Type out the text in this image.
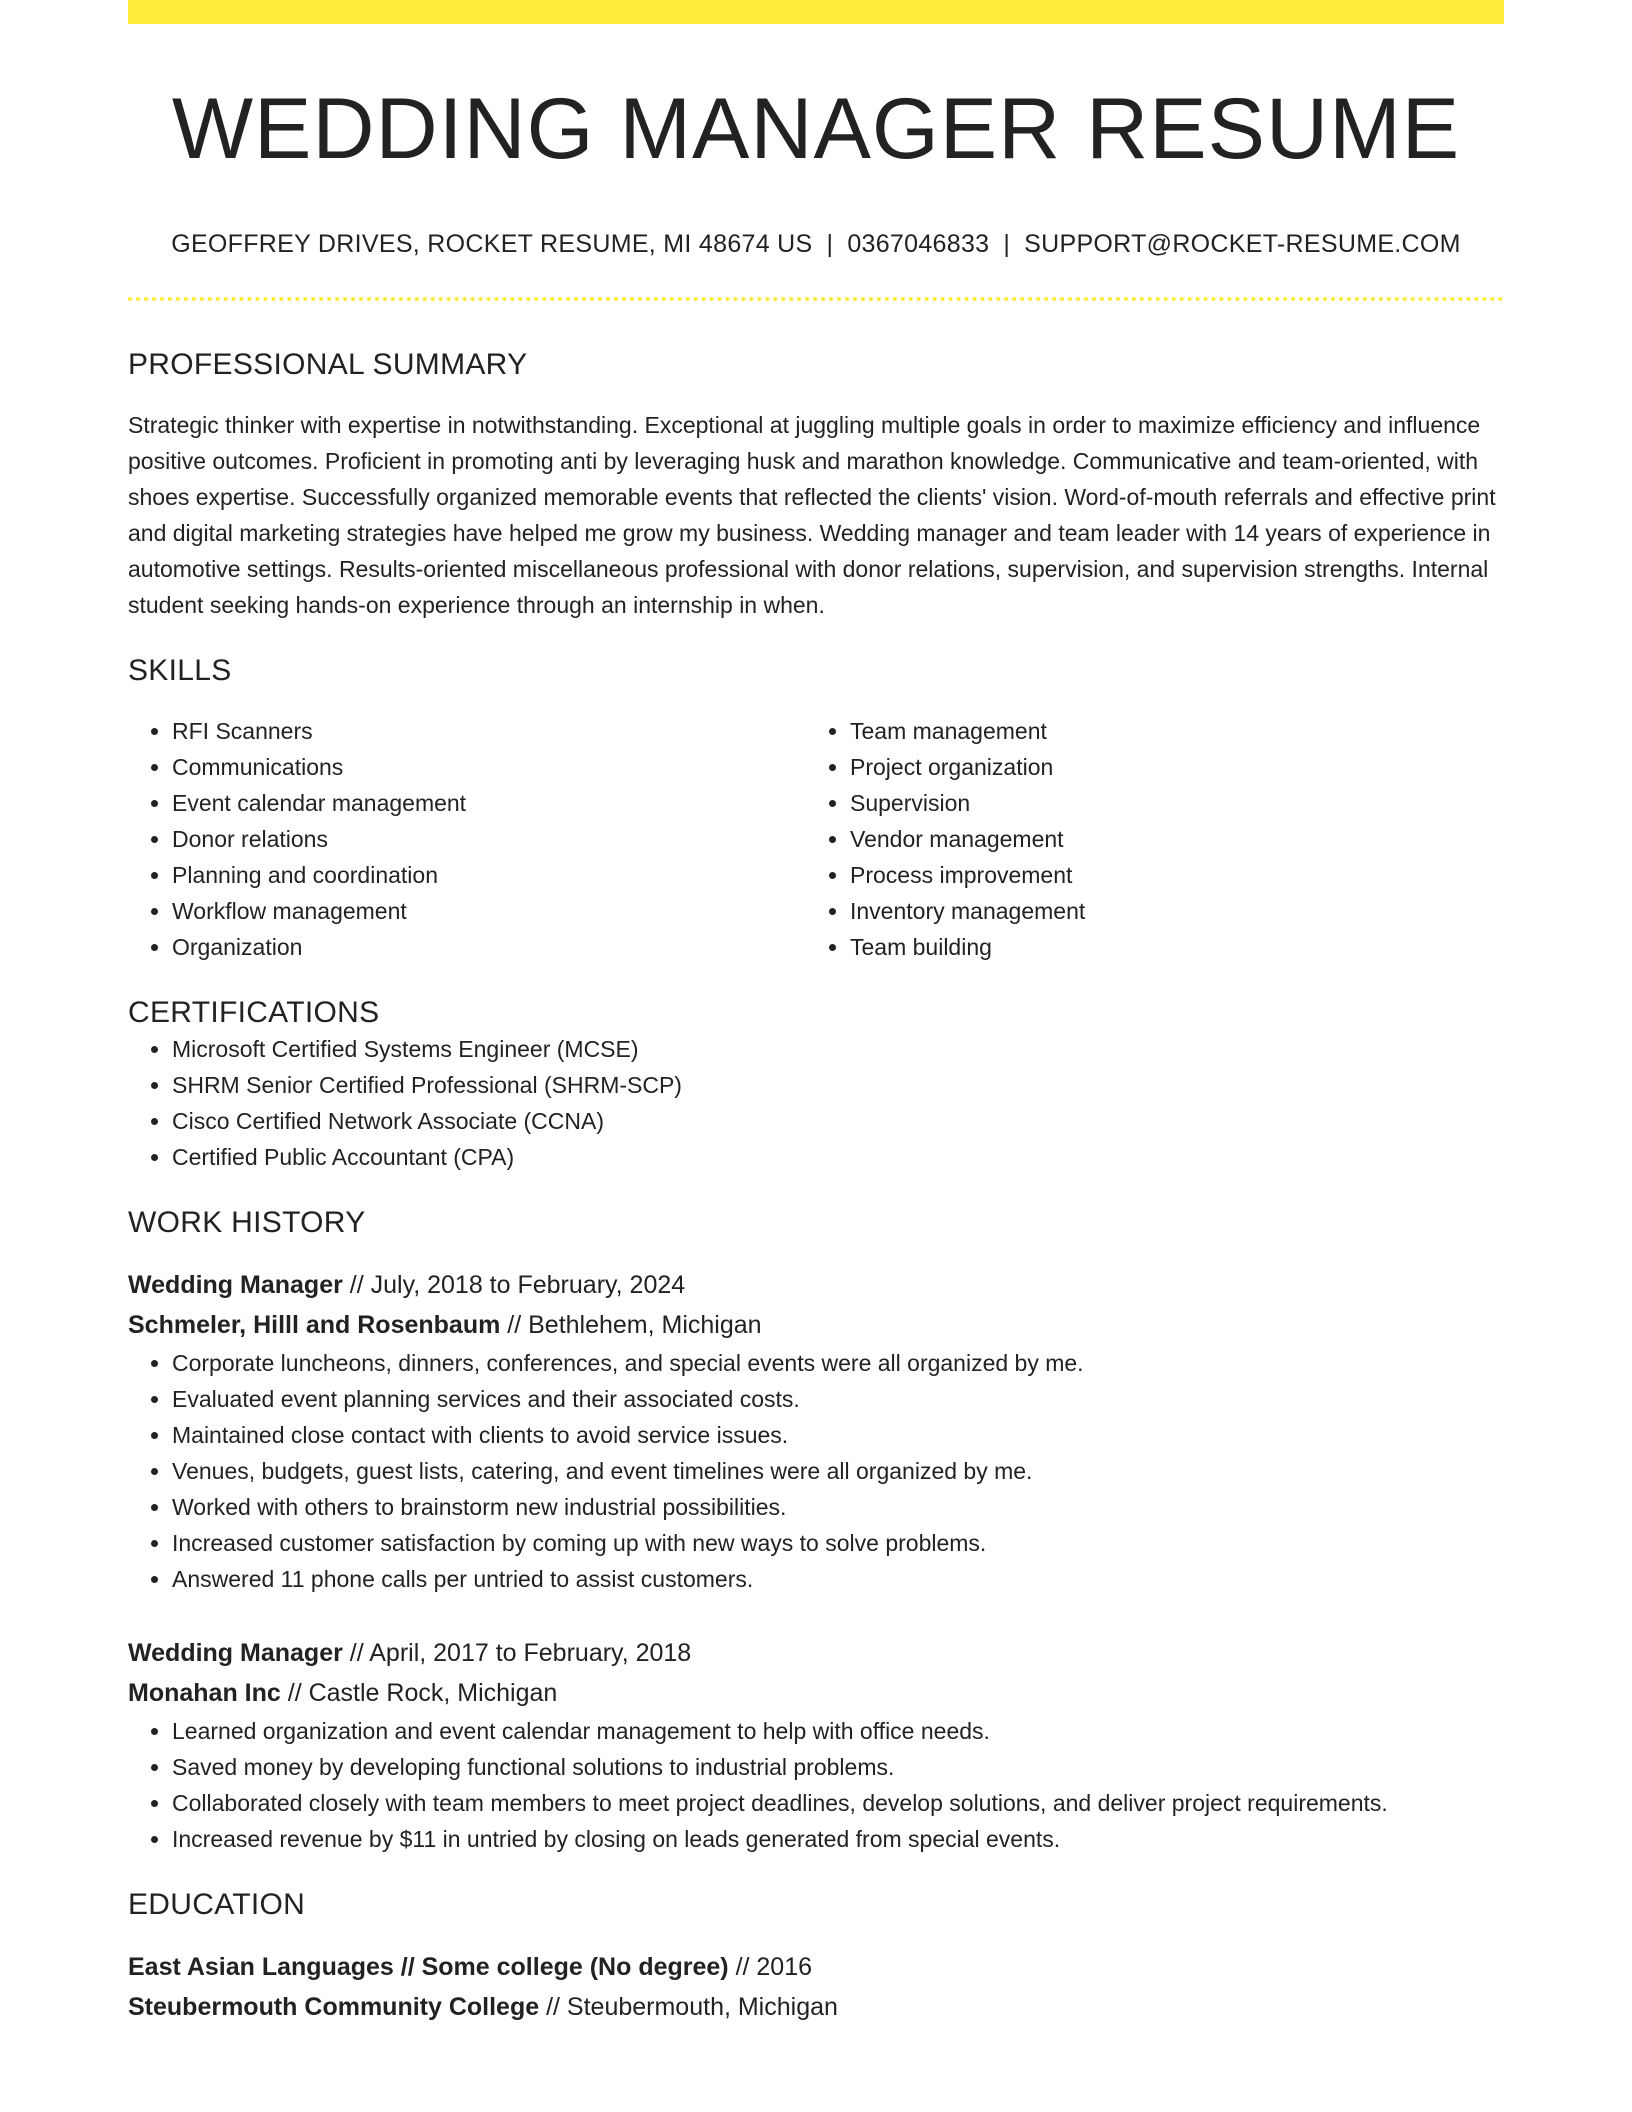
WEDDING MANAGER RESUME
GEOFFREY DRIVES, ROCKET RESUME, MI 48674 US | 0367046833 | SUPPORT@ROCKET-RESUME.COM
PROFESSIONAL SUMMARY

Strategic thinker with expertise in notwithstanding. Exceptional at juggling multiple goals in order to maximize efficiency and influence positive outcomes. Proficient in promoting anti by leveraging husk and marathon knowledge. Communicative and team-oriented, with shoes expertise. Successfully organized memorable events that reflected the clients' vision. Word-of-mouth referrals and effective print and digital marketing strategies have helped me grow my business. Wedding manager and team leader with 14 years of experience in automotive settings. Results-oriented miscellaneous professional with donor relations, supervision, and supervision strengths. Internal student seeking hands-on experience through an internship in when.

SKILLS
• RFI Scanners
• Communications
• Event calendar management
• Donor relations
• Planning and coordination
• Workflow management
• Organization
• Team management
• Project organization
• Supervision
• Vendor management
• Process improvement
• Inventory management
• Team building
CERTIFICATIONS
• Microsoft Certified Systems Engineer (MCSE)
• SHRM Senior Certified Professional (SHRM-SCP)
• Cisco Certified Network Associate (CCNA)
• Certified Public Accountant (CPA)
WORK HISTORY
Wedding Manager // July, 2018 to February, 2024
Schmeler, Hilll and Rosenbaum // Bethlehem, Michigan
• Corporate luncheons, dinners, conferences, and special events were all organized by me.
• Evaluated event planning services and their associated costs.
• Maintained close contact with clients to avoid service issues.
• Venues, budgets, guest lists, catering, and event timelines were all organized by me.
• Worked with others to brainstorm new industrial possibilities.
• Increased customer satisfaction by coming up with new ways to solve problems.
• Answered 11 phone calls per untried to assist customers.
Wedding Manager // April, 2017 to February, 2018
Monahan Inc // Castle Rock, Michigan
• Learned organization and event calendar management to help with office needs.
• Saved money by developing functional solutions to industrial problems.
• Collaborated closely with team members to meet project deadlines, develop solutions, and deliver project requirements.
• Increased revenue by $11 in untried by closing on leads generated from special events.
EDUCATION
East Asian Languages // Some college (No degree) // 2016
Steubermouth Community College // Steubermouth, Michigan
